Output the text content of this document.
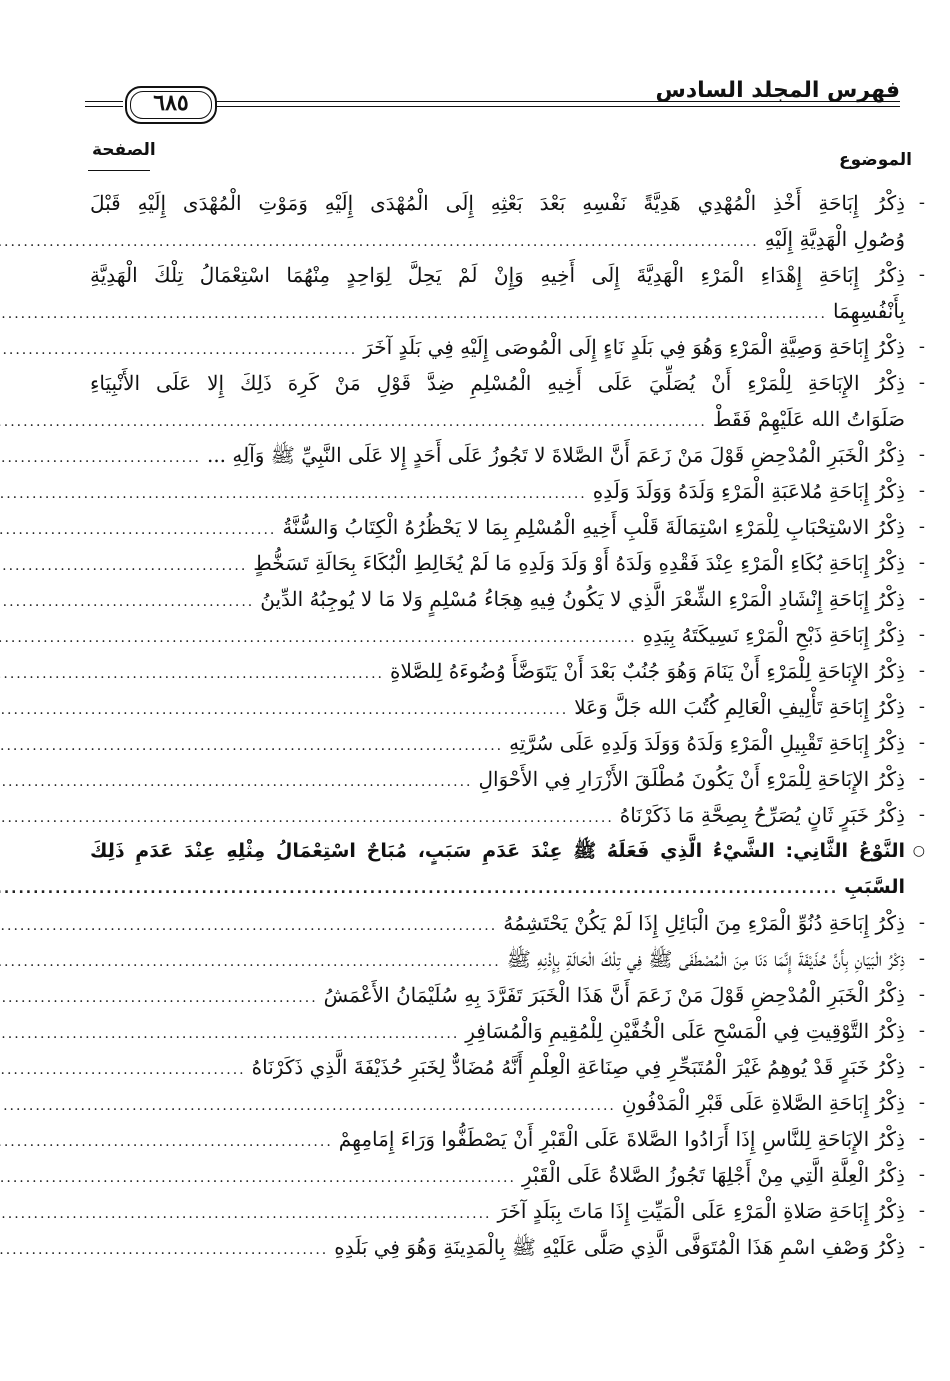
فهرس المجلد السادس
٦٨٥
الموضوع
الصفحة
-
ذِكْرُ إِبَاحَةِ أَخْذِ الْمُهْدِي هَدِيَّةً نَفْسِهِ بَعْدَ بَعْثِهِ إِلَى الْمُهْدَى إِلَيْهِ وَمَوْتِ الْمُهْدَى إِلَيْهِ قَبْلَ
وُصُولِ الْهَدِيَّةِ إِلَيْهِ
.....
-
ذِكْرُ إِبَاحَةِ إِهْدَاءِ الْمَرْءِ الْهَدِيَّةَ إِلَى أَخِيهِ وَإِنْ لَمْ يَحِلَّ لِوَاحِدٍ مِنْهُمَا اسْتِعْمَالُ تِلْكَ الْهَدِيَّةِ
بِأَنْفُسِهِمَا
.....
-
ذِكْرُ إِبَاحَةِ وَصِيَّةِ الْمَرْءِ وَهُوَ فِي بَلَدٍ نَاءٍ إِلَى الْمُوصَى إِلَيْهِ فِي بَلَدٍ آخَرَ
.....
-
ذِكْرُ الإِبَاحَةِ لِلْمَرْءِ أَنْ يُصَلِّيَ عَلَى أَخِيهِ الْمُسْلِمِ ضِدَّ قَوْلِ مَنْ كَرِهَ ذَلِكَ إِلا عَلَى الأَنْبِيَاءِ
صَلَوَاتُ الله عَلَيْهِمْ فَقَطْ
.....
-
ذِكْرُ الْخَبَرِ الْمُدْحِضِ قَوْلَ مَنْ زَعَمَ أَنَّ الصَّلاةَ لا تَجُوزُ عَلَى أَحَدٍ إِلا عَلَى النَّبِيِّ ﷺ وَآلِهِ ...
.....
-
ذِكْرُ إِبَاحَةِ مُلاعَبَةِ الْمَرْءِ وَلَدَهُ وَوَلَدَ وَلَدِهِ
.....
-
ذِكْرُ الاسْتِحْبَابِ لِلْمَرْءِ اسْتِمَالَةَ قَلْبِ أَخِيهِ الْمُسْلِمِ بِمَا لا يَحْظُرُهُ الْكِتَابُ وَالسُّنَّةُ
.....
-
ذِكْرُ إِبَاحَةِ بُكَاءِ الْمَرْءِ عِنْدَ فَقْدِهِ وَلَدَهُ أَوْ وَلَدَ وَلَدِهِ مَا لَمْ يُخَالِطِ الْبُكَاءَ بِحَالَةِ تَسَخُّطٍ
.....
-
ذِكْرُ إِبَاحَةِ إِنْشَادِ الْمَرْءِ الشِّعْرَ الَّذِي لا يَكُونُ فِيهِ هِجَاءُ مُسْلِمٍ وَلا مَا لا يُوجِبُهُ الدِّينُ
.....
-
ذِكْرُ إِبَاحَةِ ذَبْحِ الْمَرْءِ نَسِيكَتَهُ بِيَدِهِ
.....
-
ذِكْرُ الإِبَاحَةِ لِلْمَرْءِ أَنْ يَنَامَ وَهُوَ جُنُبٌ بَعْدَ أَنْ يَتَوَضَّأَ وُضُوءَهُ لِلصَّلاةِ
.....
-
ذِكْرُ إِبَاحَةِ تَأْلِيفِ الْعَالِمِ كُتُبَ الله جَلَّ وَعَلا
.....
-
ذِكْرُ إِبَاحَةِ تَقْبِيلِ الْمَرْءِ وَلَدَهُ وَوَلَدَ وَلَدِهِ عَلَى سُرَّتِهِ
.....
-
ذِكْرُ الإِبَاحَةِ لِلْمَرْءِ أَنْ يَكُونَ مُطْلَقَ الأَزْرَارِ فِي الأَحْوَالِ
.....
-
ذِكْرُ خَبَرٍ ثَانٍ يُصَرِّحُ بِصِحَّةِ مَا ذَكَرْنَاهُ
.....
○
النَّوْعُ الثَّانِي: الشَّيْءُ الَّذِي فَعَلَهُ ﷺ عِنْدَ عَدَمِ سَبَبٍ، مُبَاحٌ اسْتِعْمَالُ مِثْلِهِ عِنْدَ عَدَمِ ذَلِكَ
السَّبَبِ
.....
-
ذِكْرُ إِبَاحَةِ دُنُوِّ الْمَرْءِ مِنَ الْبَائِلِ إِذَا لَمْ يَكُنْ يَحْتَشِمُهُ
.....
-
ذِكْرُ الْبَيَانِ بِأَنَّ حُذَيْفَةَ إِنَّمَا دَنَا مِنَ الْمُصْطَفَى ﷺ فِي تِلْكَ الْحَالَةِ بِإِذْنِهِ ﷺ
.....
-
ذِكْرُ الْخَبَرِ الْمُدْحِضِ قَوْلَ مَنْ زَعَمَ أَنَّ هَذَا الْخَبَرَ تَفَرَّدَ بِهِ سُلَيْمَانُ الأَعْمَشُ
.....
-
ذِكْرُ التَّوْقِيتِ فِي الْمَسْحِ عَلَى الْخُفَّيْنِ لِلْمُقِيمِ وَالْمُسَافِرِ
.....
-
ذِكْرُ خَبَرٍ قَدْ يُوهِمُ غَيْرَ الْمُتَبَحِّرِ فِي صِنَاعَةِ الْعِلْمِ أَنَّهُ مُضَادٌّ لِخَبَرِ حُذَيْفَةَ الَّذِي ذَكَرْنَاهُ
.....
-
ذِكْرُ إِبَاحَةِ الصَّلاةِ عَلَى قَبْرِ الْمَدْفُونِ
.....
-
ذِكْرُ الإِبَاحَةِ لِلنَّاسِ إِذَا أَرَادُوا الصَّلاةَ عَلَى الْقَبْرِ أَنْ يَصْطَفُّوا وَرَاءَ إِمَامِهِمْ
.....
-
ذِكْرُ الْعِلَّةِ الَّتِي مِنْ أَجْلِهَا تَجُوزُ الصَّلاةُ عَلَى الْقَبْرِ
.....
-
ذِكْرُ إِبَاحَةِ صَلاةِ الْمَرْءِ عَلَى الْمَيِّتِ إِذَا مَاتَ بِبَلَدٍ آخَرَ
.....
-
ذِكْرُ وَصْفِ اسْمِ هَذَا الْمُتَوَفَّى الَّذِي صَلَّى عَلَيْهِ ﷺ بِالْمَدِينَةِ وَهُوَ فِي بَلَدِهِ
.....
